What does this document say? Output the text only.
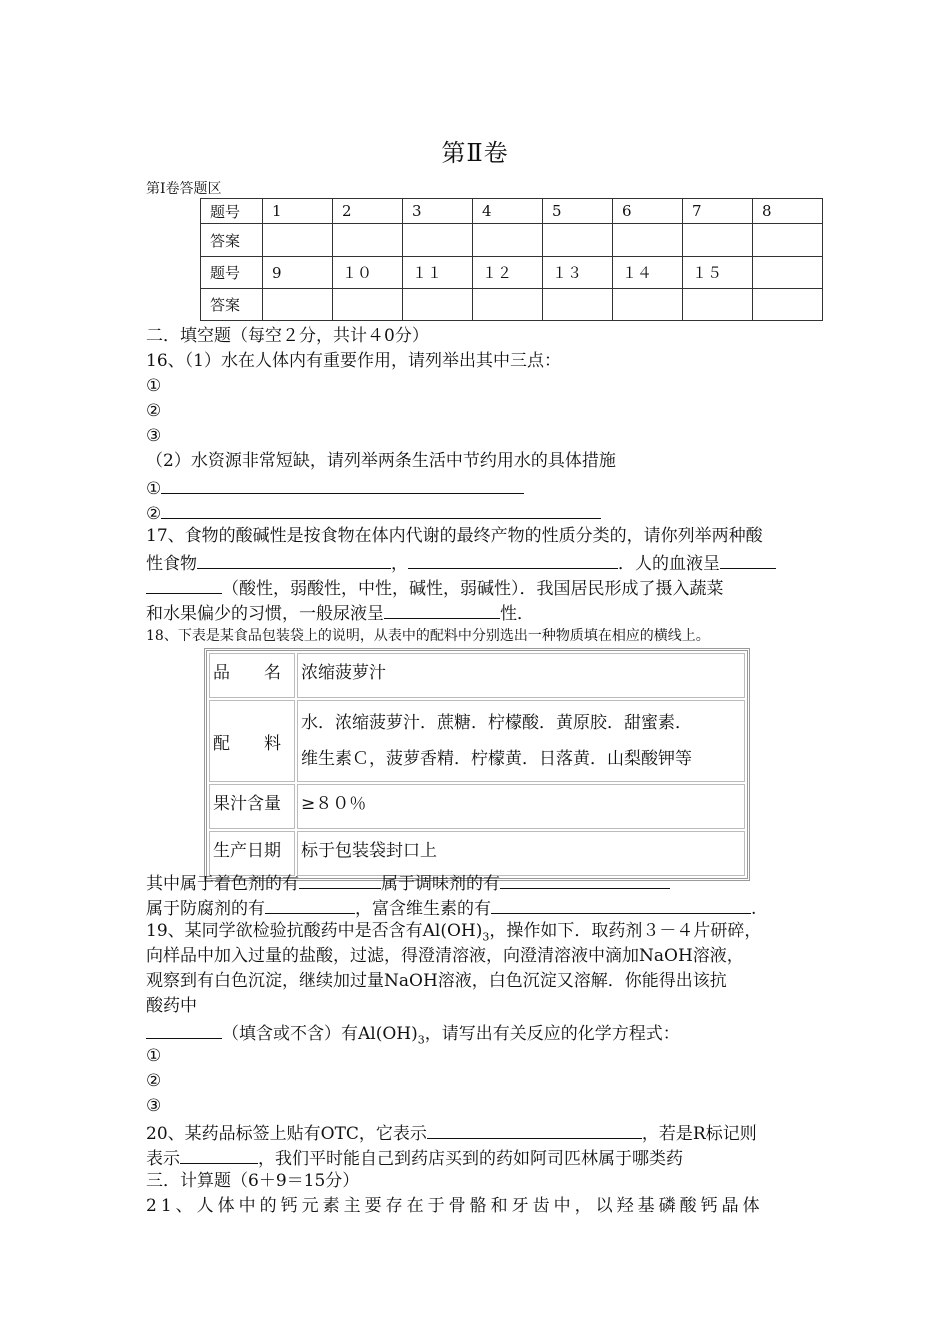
第Ⅱ卷
第Ⅰ卷答题区
题号	1	2	3	4	5	6	7	8
答案								
题号	9	１０	１１	１２	１３	１４	１５	
答案								
二．填空题（每空２分，共计４0分）
16、（1）水在人体内有重要作用，请列举出其中三点：
①
②
③
（2）水资源非常短缺，请列举两条生活中节约用水的具体措施
①
②
17、食物的酸碱性是按食物在体内代谢的最终产物的性质分类的，请你列举两种酸
性食物	，	．人的血液呈
（酸性，弱酸性，中性，碱性，弱碱性）．我国居民形成了摄入蔬菜
和水果偏少的习惯，一般尿液呈	性．
18、下表是某食品包装袋上的说明，从表中的配料中分别选出一种物质填在相应的横线上。
品　　名	浓缩菠萝汁
配　　料	水．浓缩菠萝汁．蔗糖．柠檬酸．黄原胶．甜蜜素．
维生素Ｃ，菠萝香精．柠檬黄．日落黄．山梨酸钾等

果汁含量	≥８０％
生产日期	标于包装袋封口上
其中属于着色剂的有	属于调味剂的有
属于防腐剂的有	，富含维生素的有	.
19、某同学欲检验抗酸药中是否含有$Al(OH)_3$，操作如下．取药剂３－４片研碎，
向样品中加入过量的盐酸，过滤，得澄清溶液，向澄清溶液中滴加NaOH溶液，
观察到有白色沉淀，继续加过量NaOH溶液，白色沉淀又溶解．你能得出该抗
酸药中
（填含或不含）有$Al(OH)_3$，请写出有关反应的化学方程式：
①
②
③
20、某药品标签上贴有OTC，它表示	，若是R标记则
表示	，我们平时能自己到药店买到的药如阿司匹林属于哪类药
三．计算题（6＋9＝15分）
21、人体中的钙元素主要存在于骨骼和牙齿中，以羟基磷酸钙晶体
